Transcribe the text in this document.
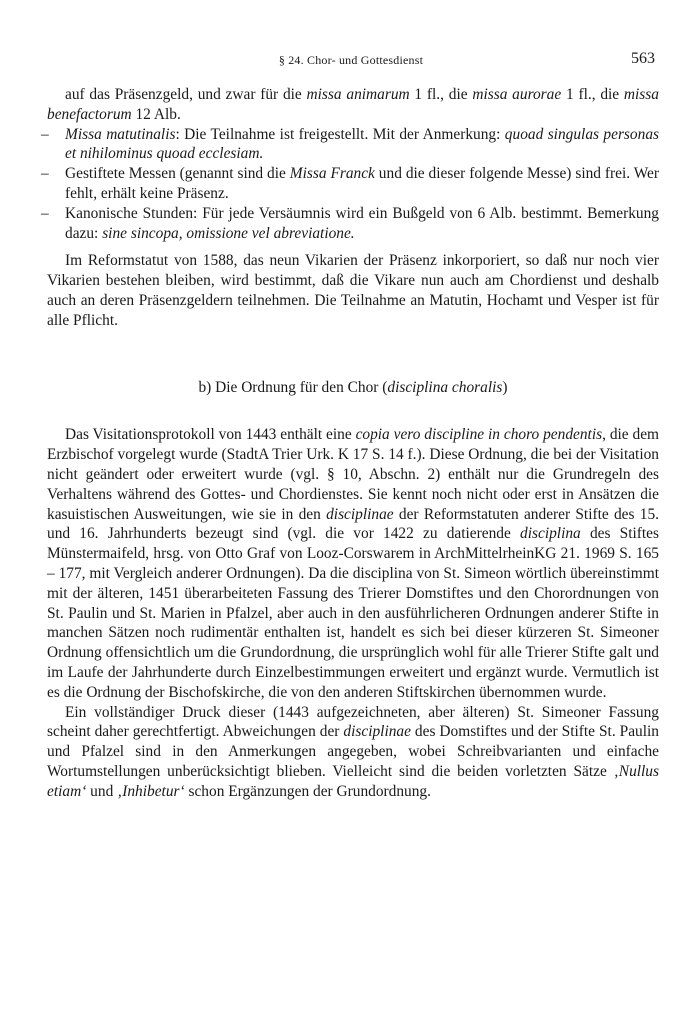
§ 24. Chor- und Gottesdienst	563

auf das Präsenzgeld, und zwar für die missa animarum 1 fl., die missa aurorae 1 fl., die missa benefactorum 12 Alb.

– Missa matutinalis: Die Teilnahme ist freigestellt. Mit der Anmerkung: quoad singulas personas et nihilominus quoad ecclesiam.

– Gestiftete Messen (genannt sind die Missa Franck und die dieser folgende Messe) sind frei. Wer fehlt, erhält keine Präsenz.

– Kanonische Stunden: Für jede Versäumnis wird ein Bußgeld von 6 Alb. bestimmt. Bemerkung dazu: sine sincopa, omissione vel abreviatione.

Im Reformstatut von 1588, das neun Vikarien der Präsenz inkorporiert, so daß nur noch vier Vikarien bestehen bleiben, wird bestimmt, daß die Vikare nun auch am Chordienst und deshalb auch an deren Präsenzgeldern teilnehmen. Die Teilnahme an Matutin, Hochamt und Vesper ist für alle Pflicht.

b) Die Ordnung für den Chor (disciplina choralis)

Das Visitationsprotokoll von 1443 enthält eine copia vero discipline in choro pendentis, die dem Erzbischof vorgelegt wurde (StadtA Trier Urk. K 17 S. 14 f.). Diese Ordnung, die bei der Visitation nicht geändert oder erweitert wurde (vgl. § 10, Abschn. 2) enthält nur die Grundregeln des Verhaltens während des Gottes- und Chordienstes. Sie kennt noch nicht oder erst in Ansätzen die kasuistischen Ausweitungen, wie sie in den disciplinae der Reformstatuten anderer Stifte des 15. und 16. Jahrhunderts bezeugt sind (vgl. die vor 1422 zu datierende disciplina des Stiftes Münstermaifeld, hrsg. von Otto Graf von Looz-Corswarem in ArchMittelrheinKG 21. 1969 S. 165 – 177, mit Vergleich anderer Ordnungen). Da die disciplina von St. Simeon wörtlich übereinstimmt mit der älteren, 1451 überarbeiteten Fassung des Trierer Domstiftes und den Chorordnungen von St. Paulin und St. Marien in Pfalzel, aber auch in den ausführlicheren Ordnungen anderer Stifte in manchen Sätzen noch rudimentär enthalten ist, handelt es sich bei dieser kürzeren St. Simeoner Ordnung offensichtlich um die Grundordnung, die ursprünglich wohl für alle Trierer Stifte galt und im Laufe der Jahrhunderte durch Einzelbestimmungen erweitert und ergänzt wurde. Vermutlich ist es die Ordnung der Bischofskirche, die von den anderen Stiftskirchen übernommen wurde.

Ein vollständiger Druck dieser (1443 aufgezeichneten, aber älteren) St. Simeoner Fassung scheint daher gerechtfertigt. Abweichungen der disciplinae des Domstiftes und der Stifte St. Paulin und Pfalzel sind in den Anmerkungen angegeben, wobei Schreibvarianten und einfache Wortumstellungen unberücksichtigt blieben. Vielleicht sind die beiden vorletzten Sätze ‚Nullus etiam‘ und ‚Inhibetur‘ schon Ergänzungen der Grundordnung.
